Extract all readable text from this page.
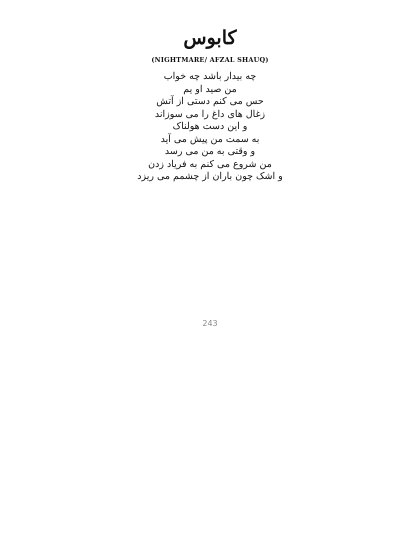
کابوس
(NIGHTMARE/ AFZAL SHAUQ)
چه بیدار باشد چه خواب
من صید او یم
حس می کنم دستی از آتش
زغال های داغ را می سوزاند
و این دست هولناک
به سمت من پیش می آید
و وقتی به من می رسد
من شروع می کنم به فریاد زدن
و اشک چون باران از چشمم می ریزد
243
